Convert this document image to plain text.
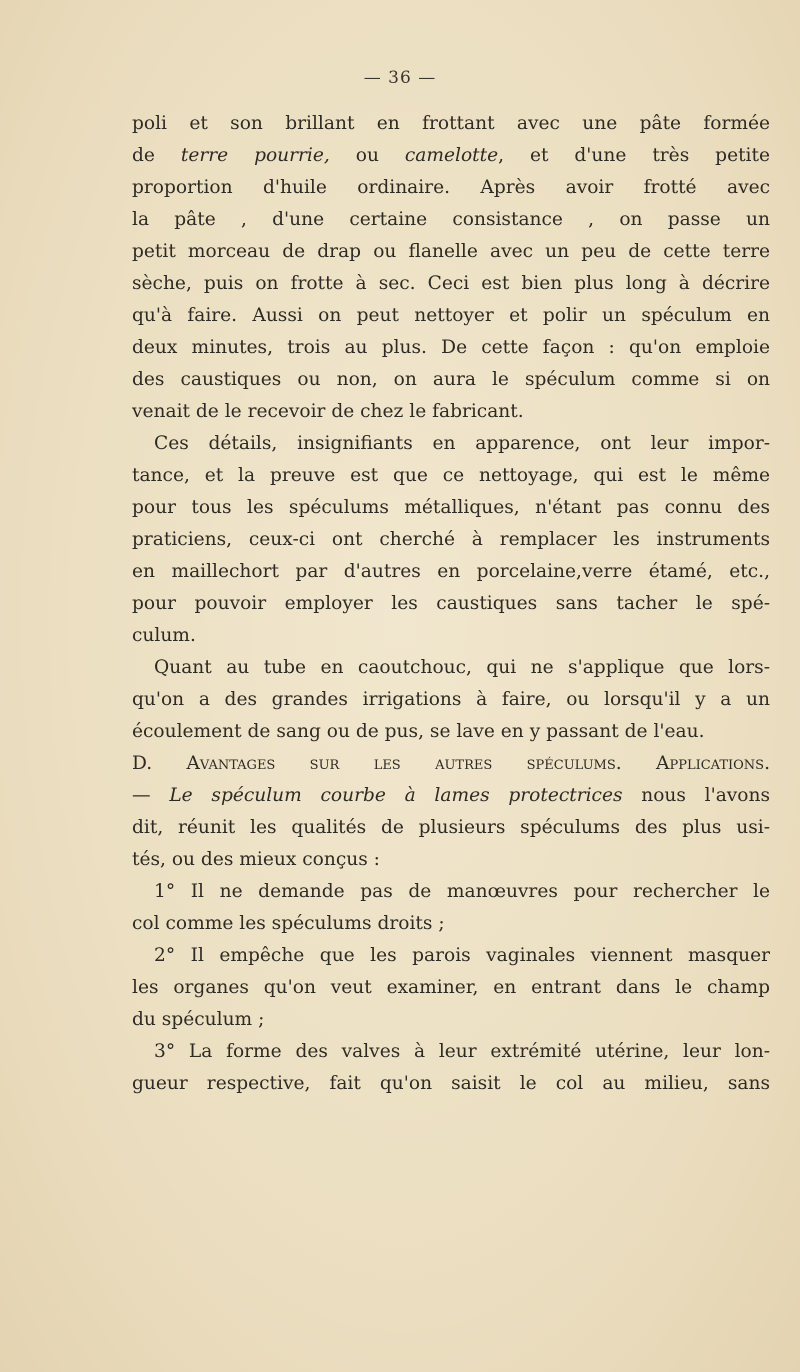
— 36 —
poli et son brillant en frottant avec une pâte formée
de terre pourrie, ou camelotte, et d'une très petite
proportion d'huile ordinaire. Après avoir frotté avec
la pâte , d'une certaine consistance , on passe un
petit morceau de drap ou flanelle avec un peu de cette terre
sèche, puis on frotte à sec. Ceci est bien plus long à décrire
qu'à faire. Aussi on peut nettoyer et polir un spéculum en
deux minutes, trois au plus. De cette façon : qu'on emploie
des caustiques ou non, on aura le spéculum comme si on
venait de le recevoir de chez le fabricant.
Ces détails, insignifiants en apparence, ont leur impor-
tance, et la preuve est que ce nettoyage, qui est le même
pour tous les spéculums métalliques, n'étant pas connu des
praticiens, ceux-ci ont cherché à remplacer les instruments
en maillechort par d'autres en porcelaine,verre étamé, etc.,
pour pouvoir employer les caustiques sans tacher le spé-
culum.
Quant au tube en caoutchouc, qui ne s'applique que lors-
qu'on a des grandes irrigations à faire, ou lorsqu'il y a un
écoulement de sang ou de pus, se lave en y passant de l'eau.
D. Avantages sur les autres spéculums. Applications.
— Le spéculum courbe à lames protectrices nous l'avons
dit, réunit les qualités de plusieurs spéculums des plus usi-
tés, ou des mieux conçus :
1° Il ne demande pas de manœuvres pour rechercher le
col comme les spéculums droits ;
2° Il empêche que les parois vaginales viennent masquer
les organes qu'on veut examiner, en entrant dans le champ
du spéculum ;
3° La forme des valves à leur extrémité utérine, leur lon-
gueur respective, fait qu'on saisit le col au milieu, sans
